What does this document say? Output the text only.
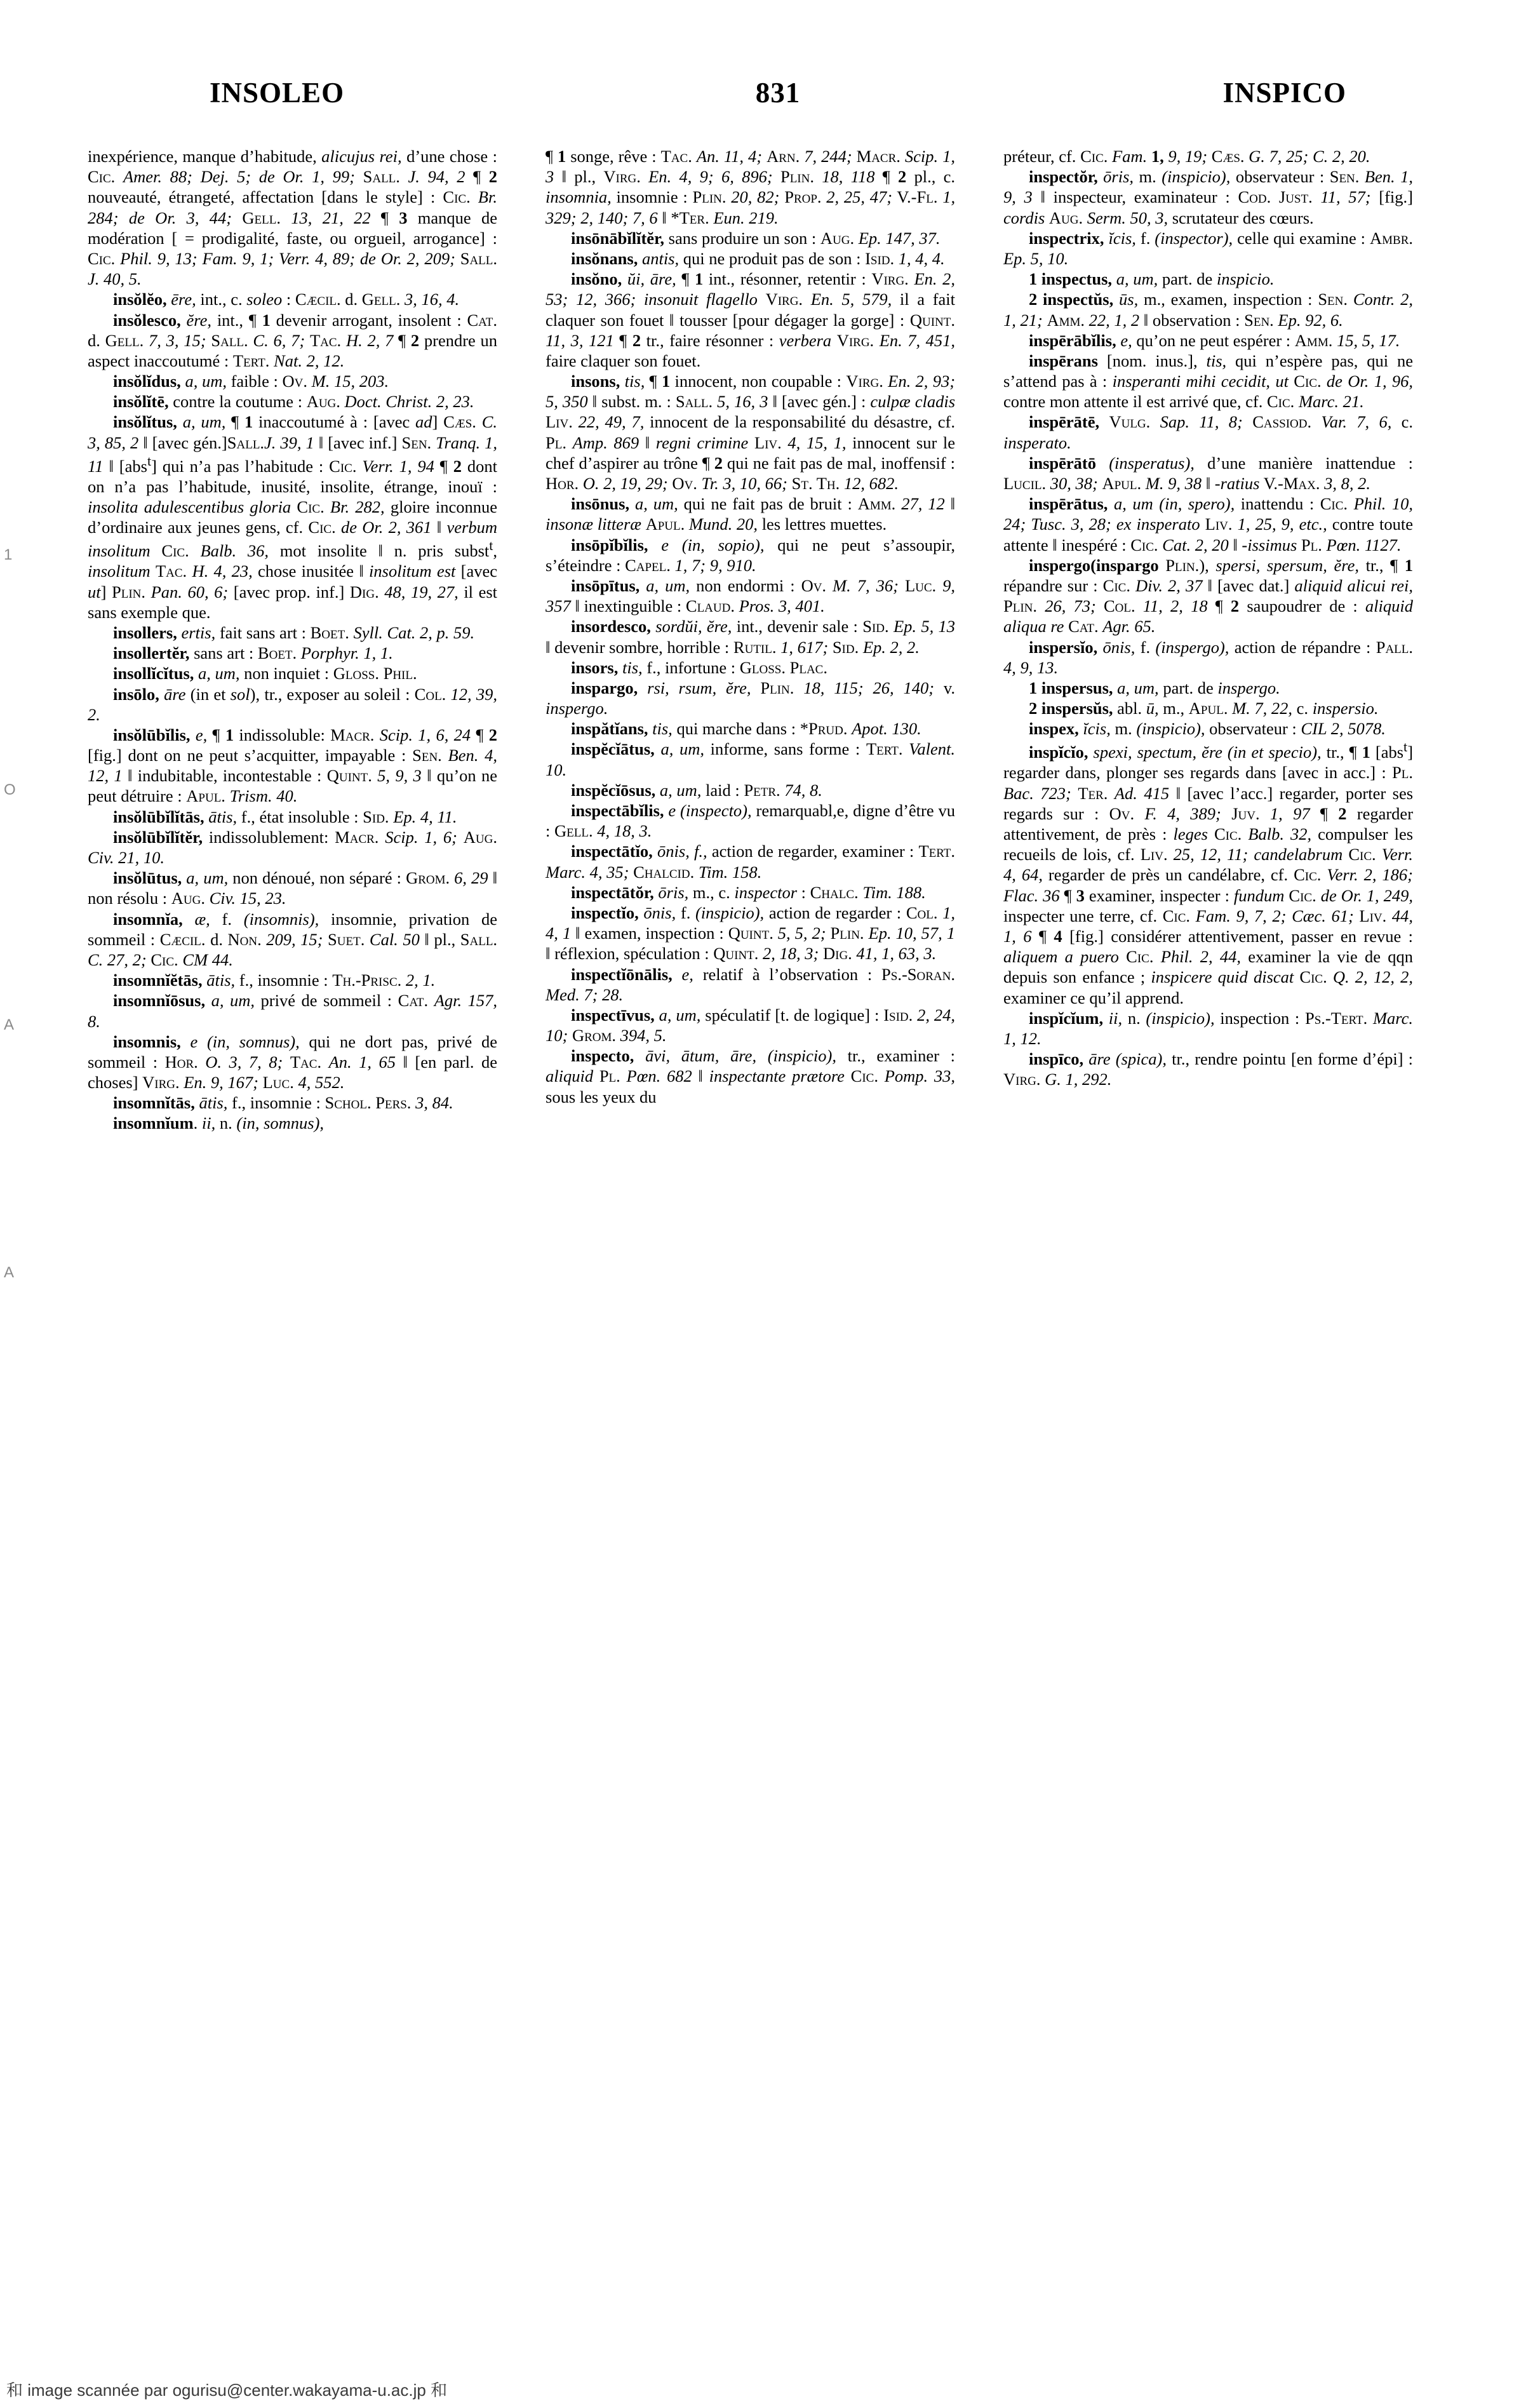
INSOLEO	831	INSPICO

inexpérience, manque d’habitude, alicujus rei, d’une chose : Cic. Amer. 88; Dej. 5; de Or. 1, 99; Sall. J. 94, 2 ¶ 2 nouveauté, étrangeté, affectation [dans le style] : Cic. Br. 284; de Or. 3, 44; Gell. 13, 21, 22 ¶ 3 manque de modération [ = prodigalité, faste, ou orgueil, arrogance] : Cic. Phil. 9, 13; Fam. 9, 1; Verr. 4, 89; de Or. 2, 209; Sall. J. 40, 5.

insŏlĕo, ēre, int., c. soleo : Cæcil. d. Gell. 3, 16, 4.

insŏlesco, ĕre, int., ¶ 1 devenir arrogant, insolent : Cat. d. Gell. 7, 3, 15; Sall. C. 6, 7; Tac. H. 2, 7 ¶ 2 prendre un aspect inaccoutumé : Tert. Nat. 2, 12.

insŏlĭdus, a, um, faible : Ov. M. 15, 203.

insŏlĭtē, contre la coutume : Aug. Doct. Christ. 2, 23.

insŏlĭtus, a, um, ¶ 1 inaccoutumé à : [avec ad] Cæs. C. 3, 85, 2 ‖ [avec gén.]Sall.J. 39, 1 ‖ [avec inf.] Sen. Tranq. 1, 11 ‖ [abs$^t$] qui n’a pas l’habitude : Cic. Verr. 1, 94 ¶ 2 dont on n’a pas l’habitude, inusité, insolite, étrange, inouï : insolita adulescentibus gloria Cic. Br. 282, gloire inconnue d’ordinaire aux jeunes gens, cf. Cic. de Or. 2, 361 ‖ verbum insolitum Cic. Balb. 36, mot insolite ‖ n. pris subst$^t$, insolitum Tac. H. 4, 23, chose inusitée ‖ insolitum est [avec ut] Plin. Pan. 60, 6; [avec prop. inf.] Dig. 48, 19, 27, il est sans exemple que.

insollers, ertis, fait sans art : Boet. Syll. Cat. 2, p. 59.

insollertĕr, sans art : Boet. Porphyr. 1, 1.

insollĭcĭtus, a, um, non inquiet : Gloss. Phil.

insōlo, āre (in et sol), tr., exposer au soleil : Col. 12, 39, 2.

insŏlūbĭlis, e, ¶ 1 indissoluble: Macr. Scip. 1, 6, 24 ¶ 2 [fig.] dont on ne peut s’acquitter, impayable : Sen. Ben. 4, 12, 1 ‖ indubitable, incontestable : Quint. 5, 9, 3 ‖ qu’on ne peut détruire : Apul. Trism. 40.

insŏlūbĭlĭtās, ātis, f., état insoluble : Sid. Ep. 4, 11.

insŏlūbĭlĭtĕr, indissolublement: Macr. Scip. 1, 6; Aug. Civ. 21, 10.

insŏlūtus, a, um, non dénoué, non séparé : Grom. 6, 29 ‖ non résolu : Aug. Civ. 15, 23.

insomnĭa, æ, f. (insomnis), insomnie, privation de sommeil : Cæcil. d. Non. 209, 15; Suet. Cal. 50 ‖ pl., Sall. C. 27, 2; Cic. CM 44.

insomnĭĕtās, ātis, f., insomnie : Th.-Prisc. 2, 1.

insomnĭōsus, a, um, privé de sommeil : Cat. Agr. 157, 8.

insomnis, e (in, somnus), qui ne dort pas, privé de sommeil : Hor. O. 3, 7, 8; Tac. An. 1, 65 ‖ [en parl. de choses] Virg. En. 9, 167; Luc. 4, 552.

insomnĭtās, ātis, f., insomnie : Schol. Pers. 3, 84.

insomnĭum. ii, n. (in, somnus),

¶ 1 songe, rêve : Tac. An. 11, 4; Arn. 7, 244; Macr. Scip. 1, 3 ‖ pl., Virg. En. 4, 9; 6, 896; Plin. 18, 118 ¶ 2 pl., c. insomnia, insomnie : Plin. 20, 82; Prop. 2, 25, 47; V.-Fl. 1, 329; 2, 140; 7, 6 ‖ *Ter. Eun. 219.

insōnābĭlĭtĕr, sans produire un son : Aug. Ep. 147, 37.

insŏnans, antis, qui ne produit pas de son : Isid. 1, 4, 4.

insŏno, ŭi, āre, ¶ 1 int., résonner, retentir : Virg. En. 2, 53; 12, 366; insonuit flagello Virg. En. 5, 579, il a fait claquer son fouet ‖ tousser [pour dégager la gorge] : Quint. 11, 3, 121 ¶ 2 tr., faire résonner : verbera Virg. En. 7, 451, faire claquer son fouet.

insons, tis, ¶ 1 innocent, non coupable : Virg. En. 2, 93; 5, 350 ‖ subst. m. : Sall. 5, 16, 3 ‖ [avec gén.] : culpæ cladis Liv. 22, 49, 7, innocent de la responsabilité du désastre, cf. Pl. Amp. 869 ‖ regni crimine Liv. 4, 15, 1, innocent sur le chef d’aspirer au trône ¶ 2 qui ne fait pas de mal, inoffensif : Hor. O. 2, 19, 29; Ov. Tr. 3, 10, 66; St. Th. 12, 682.

insōnus, a, um, qui ne fait pas de bruit : Amm. 27, 12 ‖ insonæ litteræ Apul. Mund. 20, les lettres muettes.

insōpĭbĭlis, e (in, sopio), qui ne peut s’assoupir, s’éteindre : Capel. 1, 7; 9, 910.

insōpītus, a, um, non endormi : Ov. M. 7, 36; Luc. 9, 357 ‖ inextinguible : Claud. Pros. 3, 401.

insordesco, sordŭi, ĕre, int., devenir sale : Sid. Ep. 5, 13 ‖ devenir sombre, horrible : Rutil. 1, 617; Sid. Ep. 2, 2.

insors, tis, f., infortune : Gloss. Plac.

inspargo, rsi, rsum, ĕre, Plin. 18, 115; 26, 140; v. inspergo.

inspătĭans, tis, qui marche dans : *Prud. Apot. 130.

inspĕcĭātus, a, um, informe, sans forme : Tert. Valent. 10.

inspĕcĭōsus, a, um, laid : Petr. 74, 8.

inspectābĭlis, e (inspecto), remarquabl,e, digne d’être vu : Gell. 4, 18, 3.

inspectātĭo, ōnis, f., action de regarder, examiner : Tert. Marc. 4, 35; Chalcid. Tim. 158.

inspectātŏr, ōris, m., c. inspector : Chalc. Tim. 188.

inspectĭo, ōnis, f. (inspicio), action de regarder : Col. 1, 4, 1 ‖ examen, inspection : Quint. 5, 5, 2; Plin. Ep. 10, 57, 1 ‖ réflexion, spéculation : Quint. 2, 18, 3; Dig. 41, 1, 63, 3.

inspectĭōnālis, e, relatif à l’observation : Ps.-Soran. Med. 7; 28.

inspectīvus, a, um, spéculatif [t. de logique] : Isid. 2, 24, 10; Grom. 394, 5.

inspecto, āvi, ātum, āre, (inspicio), tr., examiner : aliquid Pl. Pœn. 682 ‖ inspectante prætore Cic. Pomp. 33, sous les yeux du

préteur, cf. Cic. Fam. 1, 9, 19; Cæs. G. 7, 25; C. 2, 20.

inspectŏr, ōris, m. (inspicio), observateur : Sen. Ben. 1, 9, 3 ‖ inspecteur, examinateur : Cod. Just. 11, 57; [fig.] cordis Aug. Serm. 50, 3, scrutateur des cœurs.

inspectrix, ĭcis, f. (inspector), celle qui examine : Ambr. Ep. 5, 10.

1 inspectus, a, um, part. de inspicio.

2 inspectŭs, ūs, m., examen, inspection : Sen. Contr. 2, 1, 21; Amm. 22, 1, 2 ‖ observation : Sen. Ep. 92, 6.

inspērābĭlis, e, qu’on ne peut espérer : Amm. 15, 5, 17.

inspērans [nom. inus.], tis, qui n’espère pas, qui ne s’attend pas à : insperanti mihi cecidit, ut Cic. de Or. 1, 96, contre mon attente il est arrivé que, cf. Cic. Marc. 21.

inspērātē, Vulg. Sap. 11, 8; Cassiod. Var. 7, 6, c. insperato.

inspērātō (insperatus), d’une manière inattendue : Lucil. 30, 38; Apul. M. 9, 38 ‖ -ratius V.-Max. 3, 8, 2.

inspērātus, a, um (in, spero), inattendu : Cic. Phil. 10, 24; Tusc. 3, 28; ex insperato Liv. 1, 25, 9, etc., contre toute attente ‖ inespéré : Cic. Cat. 2, 20 ‖ -issimus Pl. Pœn. 1127.

inspergo(inspargo Plin.), spersi, spersum, ĕre, tr., ¶ 1 répandre sur : Cic. Div. 2, 37 ‖ [avec dat.] aliquid alicui rei, Plin. 26, 73; Col. 11, 2, 18 ¶ 2 saupoudrer de : aliquid aliqua re Cat. Agr. 65.

inspersĭo, ōnis, f. (inspergo), action de répandre : Pall. 4, 9, 13.

1 inspersus, a, um, part. de inspergo.

2 inspersŭs, abl. ū, m., Apul. M. 7, 22, c. inspersio.

inspex, ĭcis, m. (inspicio), observateur : CIL 2, 5078.

inspĭcĭo, spexi, spectum, ĕre (in et specio), tr., ¶ 1 [abs$^t$] regarder dans, plonger ses regards dans [avec in acc.] : Pl. Bac. 723; Ter. Ad. 415 ‖ [avec l’acc.] regarder, porter ses regards sur : Ov. F. 4, 389; Juv. 1, 97 ¶ 2 regarder attentivement, de près : leges Cic. Balb. 32, compulser les recueils de lois, cf. Liv. 25, 12, 11; candelabrum Cic. Verr. 4, 64, regarder de près un candélabre, cf. Cic. Verr. 2, 186; Flac. 36 ¶ 3 examiner, inspecter : fundum Cic. de Or. 1, 249, inspecter une terre, cf. Cic. Fam. 9, 7, 2; Cæc. 61; Liv. 44, 1, 6 ¶ 4 [fig.] considérer attentivement, passer en revue : aliquem a puero Cic. Phil. 2, 44, examiner la vie de qqn depuis son enfance ; inspicere quid discat Cic. Q. 2, 12, 2, examiner ce qu’il apprend.

inspĭcĭum, ii, n. (inspicio), inspection : Ps.-Tert. Marc. 1, 12.

inspīco, āre (spica), tr., rendre pointu [en forme d’épi] : Virg. G. 1, 292.

和 image scannée par ogurisu@center.wakayama-u.ac.jp 和
1
O
A
A
